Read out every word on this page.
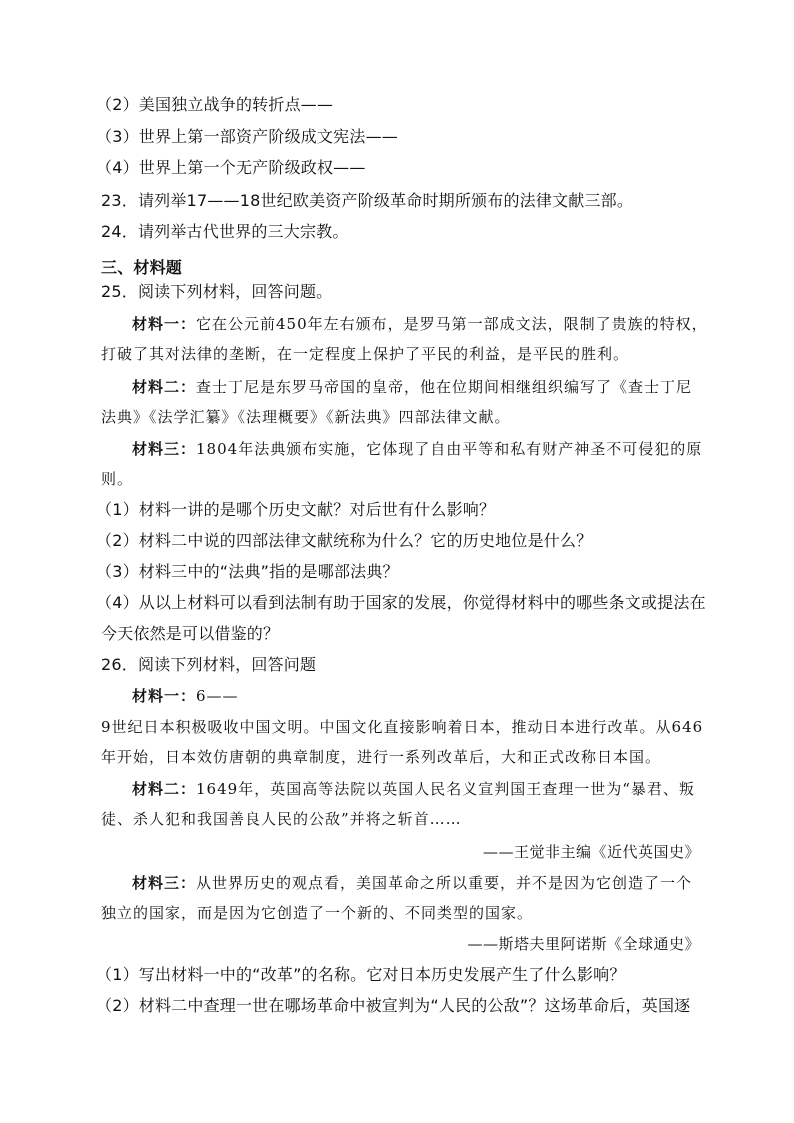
（2）美国独立战争的转折点——
（3）世界上第一部资产阶级成文宪法——
（4）世界上第一个无产阶级政权——
23．请列举17——18世纪欧美资产阶级革命时期所颁布的法律文献三部。
24．请列举古代世界的三大宗教。
三、材料题
25．阅读下列材料，回答问题。
材料一：它在公元前450年左右颁布，是罗马第一部成文法，限制了贵族的特权，
打破了其对法律的垄断，在一定程度上保护了平民的利益，是平民的胜利。
材料二：查士丁尼是东罗马帝国的皇帝，他在位期间相继组织编写了《查士丁尼
法典》《法学汇纂》《法理概要》《新法典》四部法律文献。
材料三：1804年法典颁布实施，它体现了自由平等和私有财产神圣不可侵犯的原
则。
（1）材料一讲的是哪个历史文献？对后世有什么影响？
（2）材料二中说的四部法律文献统称为什么？它的历史地位是什么？
（3）材料三中的“法典”指的是哪部法典？
（4）从以上材料可以看到法制有助于国家的发展，你觉得材料中的哪些条文或提法在
今天依然是可以借鉴的？
26．阅读下列材料，回答问题
材料一：6——
9世纪日本积极吸收中国文明。中国文化直接影响着日本，推动日本进行改革。从646
年开始，日本效仿唐朝的典章制度，进行一系列改革后，大和正式改称日本国。
材料二：1649年，英国高等法院以英国人民名义宣判国王查理一世为“暴君、叛
徒、杀人犯和我国善良人民的公敌”并将之斩首……
——王觉非主编《近代英国史》
材料三：从世界历史的观点看，美国革命之所以重要，并不是因为它创造了一个
独立的国家，而是因为它创造了一个新的、不同类型的国家。
——斯塔夫里阿诺斯《全球通史》
（1）写出材料一中的“改革”的名称。它对日本历史发展产生了什么影响？
（2）材料二中查理一世在哪场革命中被宣判为“人民的公敌”？这场革命后，英国逐
